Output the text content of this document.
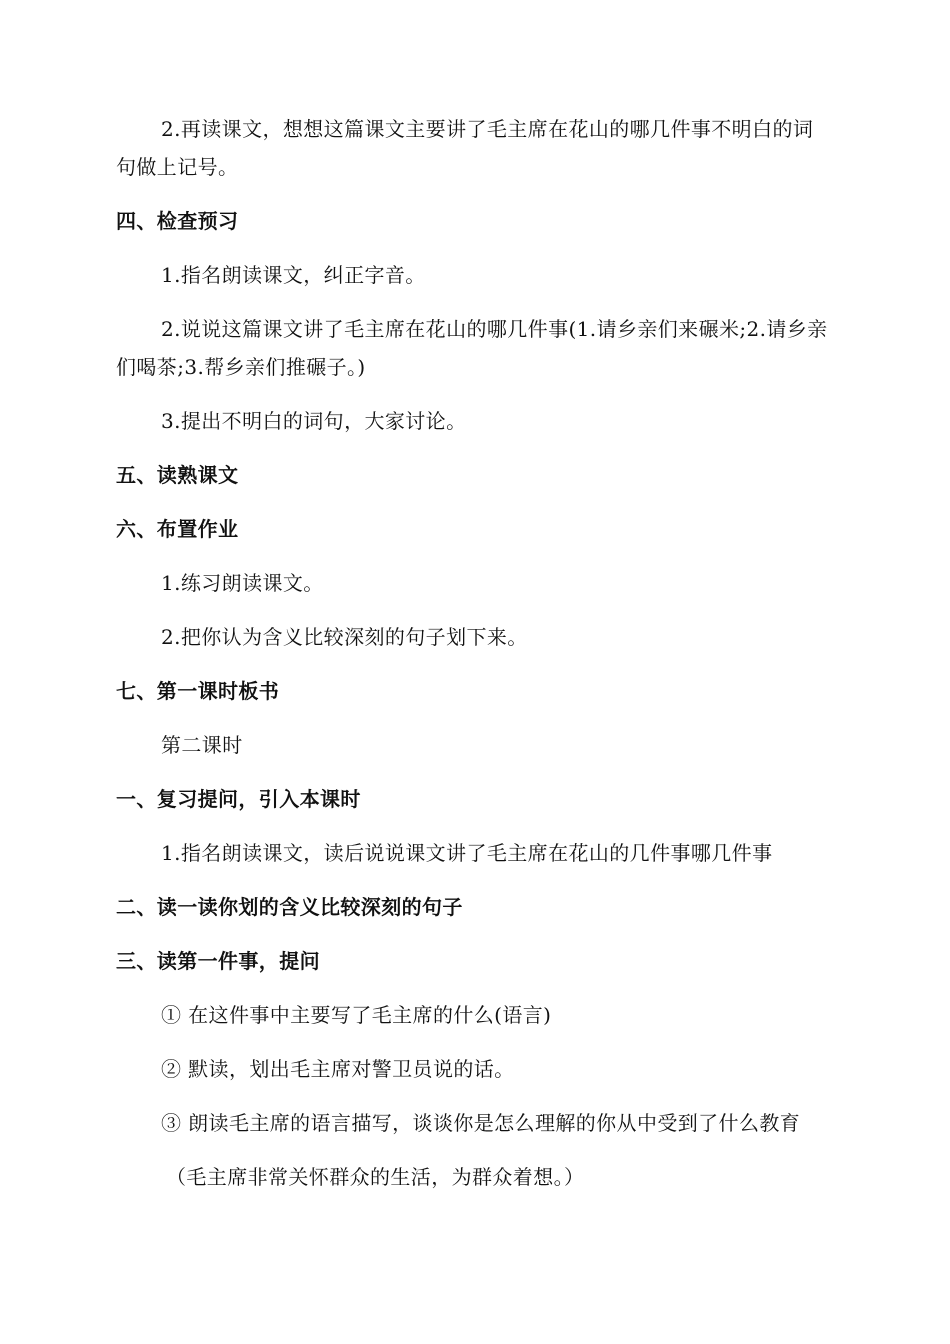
2.再读课文，想想这篇课文主要讲了毛主席在花山的哪几件事不明白的词句做上记号。

四、检查预习

1.指名朗读课文，纠正字音。

2.说说这篇课文讲了毛主席在花山的哪几件事(1.请乡亲们来碾米;2.请乡亲们喝茶;3.帮乡亲们推碾子。)

3.提出不明白的词句，大家讨论。

五、读熟课文
六、布置作业

1.练习朗读课文。

2.把你认为含义比较深刻的句子划下来。

七、第一课时板书

第二课时

一、复习提问，引入本课时

1.指名朗读课文，读后说说课文讲了毛主席在花山的几件事哪几件事

二、读一读你划的含义比较深刻的句子
三、读第一件事，提问

① 在这件事中主要写了毛主席的什么(语言)

② 默读，划出毛主席对警卫员说的话。

③ 朗读毛主席的语言描写，谈谈你是怎么理解的你从中受到了什么教育

（毛主席非常关怀群众的生活，为群众着想。）
